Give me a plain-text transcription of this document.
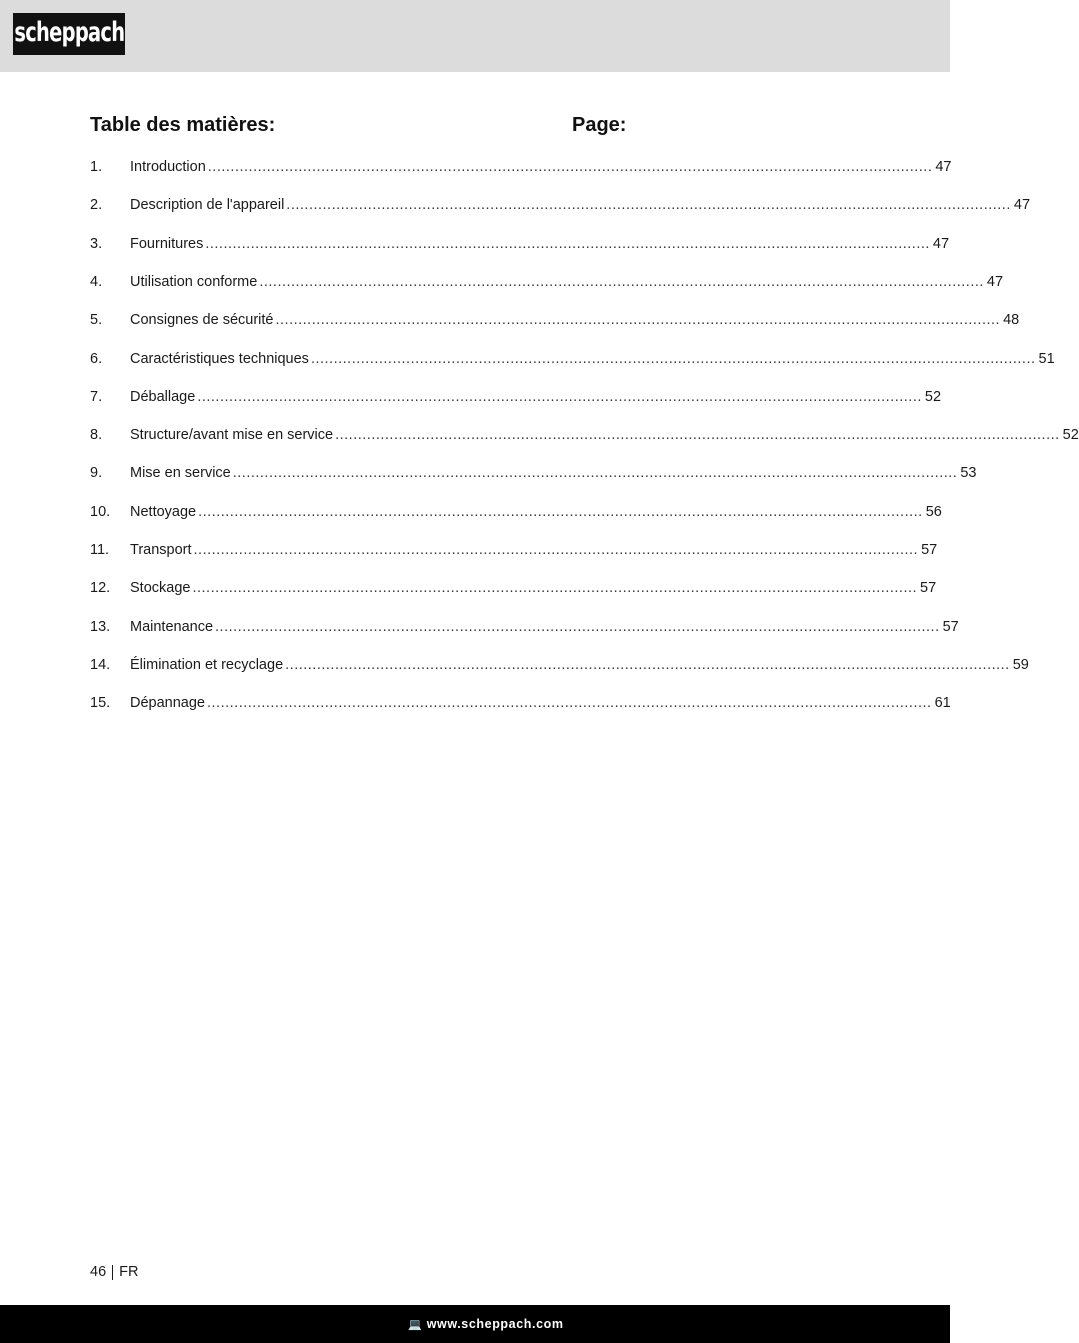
scheppach
Table des matières:	Page:
1.	Introduction ................................................................................................................................................................ 47
2.	Description de l'appareil ................................................................................................................................................................ 47
3.	Fournitures ................................................................................................................................................................ 47
4.	Utilisation conforme ................................................................................................................................................................ 47
5.	Consignes de sécurité ................................................................................................................................................................ 48
6.	Caractéristiques techniques ................................................................................................................................................................ 51
7.	Déballage ................................................................................................................................................................ 52
8.	Structure/avant mise en service ................................................................................................................................................................ 52
9.	Mise en service ................................................................................................................................................................ 53
10.	Nettoyage ................................................................................................................................................................ 56
11.	Transport ................................................................................................................................................................ 57
12.	Stockage ................................................................................................................................................................ 57
13.	Maintenance ................................................................................................................................................................ 57
14.	Élimination et recyclage ................................................................................................................................................................ 59
15.	Dépannage ................................................................................................................................................................ 61
46 FR
💻 www.scheppach.com
